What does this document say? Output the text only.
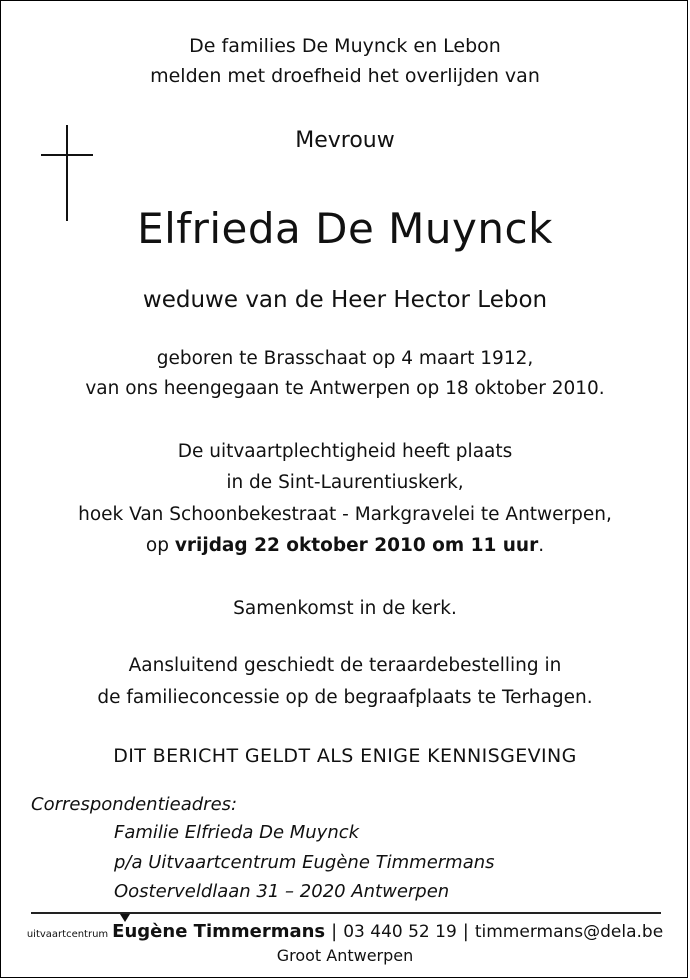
De families De Muynck en Lebon
melden met droefheid het overlijden van
Mevrouw
Elfrieda De Muynck
weduwe van de Heer Hector Lebon
geboren te Brasschaat op 4 maart 1912,
van ons heengegaan te Antwerpen op 18 oktober 2010.
De uitvaartplechtigheid heeft plaats
in de Sint-Laurentiuskerk,
hoek Van Schoonbekestraat - Markgravelei te Antwerpen,
op vrijdag 22 oktober 2010 om 11 uur.
Samenkomst in de kerk.
Aansluitend geschiedt de teraardebestelling in
de familieconcessie op de begraafplaats te Terhagen.
DIT BERICHT GELDT ALS ENIGE KENNISGEVING
Correspondentieadres:
Familie Elfrieda De Muynck
p/a Uitvaartcentrum Eugène Timmermans
Oosterveldlaan 31 – 2020 Antwerpen
uitvaartcentrum Eugène Timmermans | 03 440 52 19 | timmermans@dela.be
Groot Antwerpen
